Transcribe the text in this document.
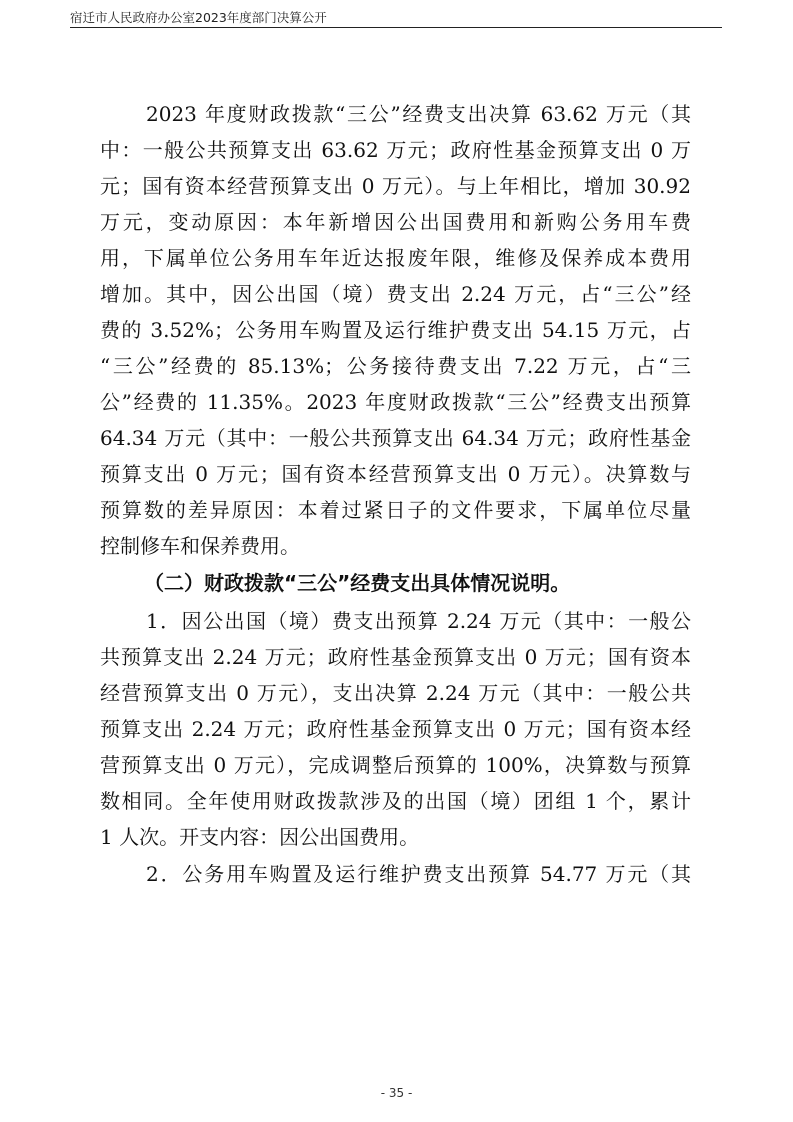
宿迁市人民政府办公室2023年度部门决算公开
2023 年度财政拨款“三公”经费支出决算 63.62 万元（其
中：一般公共预算支出 63.62 万元；政府性基金预算支出 0 万
元；国有资本经营预算支出 0 万元）。与上年相比，增加 30.92
万元，变动原因：本年新增因公出国费用和新购公务用车费
用，下属单位公务用车年近达报废年限，维修及保养成本费用
增加。其中，因公出国（境）费支出 2.24 万元，占“三公”经
费的 3.52%；公务用车购置及运行维护费支出 54.15 万元，占
“三公”经费的 85.13%；公务接待费支出 7.22 万元，占“三
公”经费的 11.35%。2023 年度财政拨款“三公”经费支出预算
64.34 万元（其中：一般公共预算支出 64.34 万元；政府性基金
预算支出 0 万元；国有资本经营预算支出 0 万元）。决算数与
预算数的差异原因：本着过紧日子的文件要求，下属单位尽量
控制修车和保养费用。
（二）财政拨款“三公”经费支出具体情况说明。
1．因公出国（境）费支出预算 2.24 万元（其中：一般公
共预算支出 2.24 万元；政府性基金预算支出 0 万元；国有资本
经营预算支出 0 万元），支出决算 2.24 万元（其中：一般公共
预算支出 2.24 万元；政府性基金预算支出 0 万元；国有资本经
营预算支出 0 万元），完成调整后预算的 100%，决算数与预算
数相同。全年使用财政拨款涉及的出国（境）团组 1 个，累计
1 人次。开支内容：因公出国费用。
2．公务用车购置及运行维护费支出预算 54.77 万元（其
- 35 -
